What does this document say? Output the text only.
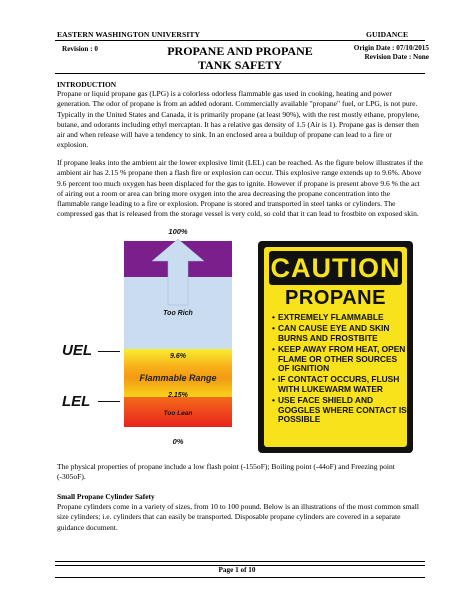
EASTERN WASHINGTON UNIVERSITY	GUIDANCE
Revision : 0	PROPANE AND PROPANE
TANK SAFETY
Origin Date : 07/10/2015
Revision Date : None
INTRODUCTION

Propane or liquid propane gas (LPG) is a colorless odorless flammable gas used in cooking, heating and power generation. The odor of propane is from an added odorant. Commercially available "propane" fuel, or LPG, is not pure. Typically in the United States and Canada, it is primarily propane (at least 90%), with the rest mostly ethane, propylene, butane, and odorants including ethyl mercaptan. It has a relative gas density of 1.5 (Air is 1). Propane gas is denser then air and when release will have a tendency to sink. In an enclosed area a buildup of propane can lead to a fire or explosion.

If propane leaks into the ambient air the lower explosive limit (LEL) can be reached. As the figure below illustrates if the ambient air has 2.15 % propane then a flash fire or explosion can occur. This explosive range extends up to 9.6%. Above 9.6 percent too much oxygen has been displaced for the gas to ignite. However if propane is present above 9.6 % the act of airing out a room or area can bring more oxygen into the area decreasing the propane concentration into the flammable range leading to a fire or explosion. Propane is stored and transported in steel tanks or cylinders. The compressed gas that is released from the storage vessel is very cold, so cold that it can lead to frostbite on exposed skin.

100%
Too Rich
9.6%
Flammable Range
2.15%
Too Lean
0%
UEL
LEL
CAUTION
PROPANE
• EXTREMELY FLAMMABLE
• CAN CAUSE EYE AND SKIN BURNS AND FROSTBITE
• KEEP AWAY FROM HEAT, OPEN FLAME OR OTHER SOURCES OF IGNITION
• IF CONTACT OCCURS, FLUSH WITH LUKEWARM WATER
• USE FACE SHIELD AND GOGGLES WHERE CONTACT IS POSSIBLE

The physical properties of propane include a low flash point (-155oF); Boiling point (-44oF) and Freezing point (-305oF).

Small Propane Cylinder Safety

Propane cylinders come in a variety of sizes, from 10 to 100 pound. Below is an illustrations of the most common small size cylinders; i.e. cylinders that can easily be transported. Disposable propane cylinders are covered in a separate guidance document.

Page 1 of 10
